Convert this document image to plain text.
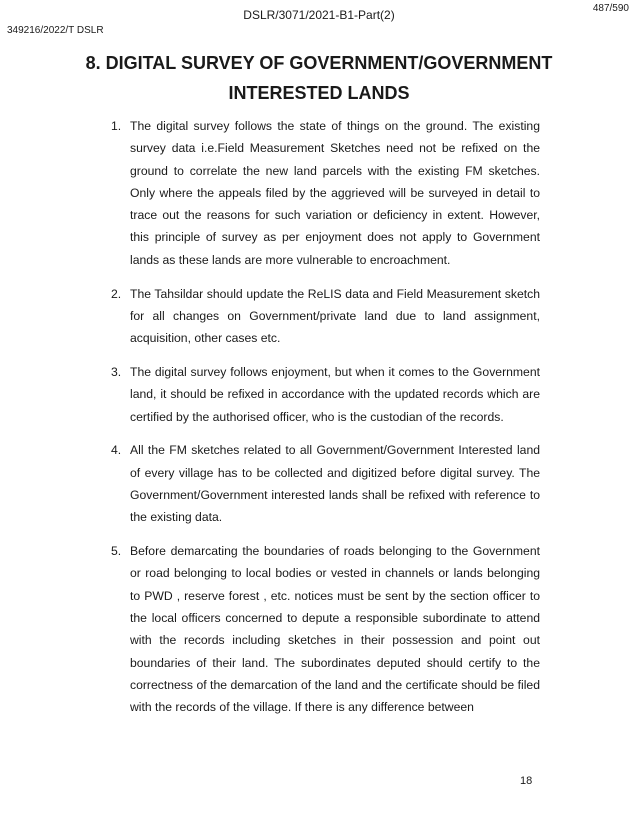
DSLR/3071/2021-B1-Part(2)	487/590
349216/2022/T DSLR
8. DIGITAL SURVEY OF GOVERNMENT/GOVERNMENT
INTERESTED LANDS
1. The digital survey follows the state of things on the ground. The existing survey data i.e.Field Measurement Sketches need not be refixed on the ground to correlate the new land parcels with the existing FM sketches. Only where the appeals filed by the aggrieved will be surveyed in detail to trace out the reasons for such variation or deficiency in extent. However, this principle of survey as per enjoyment does not apply to Government lands as these lands are more vulnerable to encroachment.
2. The Tahsildar should update the ReLIS data and Field Measurement sketch for all changes on Government/private land due to land assignment, acquisition, other cases etc.
3. The digital survey follows enjoyment, but when it comes to the Government land, it should be refixed in accordance with the updated records which are certified by the authorised officer, who is the custodian of the records.
4. All the FM sketches related to all Government/Government Interested land of every village has to be collected and digitized before digital survey. The Government/Government interested lands shall be refixed with reference to the existing data.
5. Before demarcating the boundaries of roads belonging to the Government or road belonging to local bodies or vested in channels or lands belonging to PWD , reserve forest , etc. notices must be sent by the section officer to the local officers concerned to depute a responsible subordinate to attend with the records including sketches in their possession and point out boundaries of their land. The subordinates deputed should certify to the correctness of the demarcation of the land and the certificate should be filed with the records of the village. If there is any difference between
18
